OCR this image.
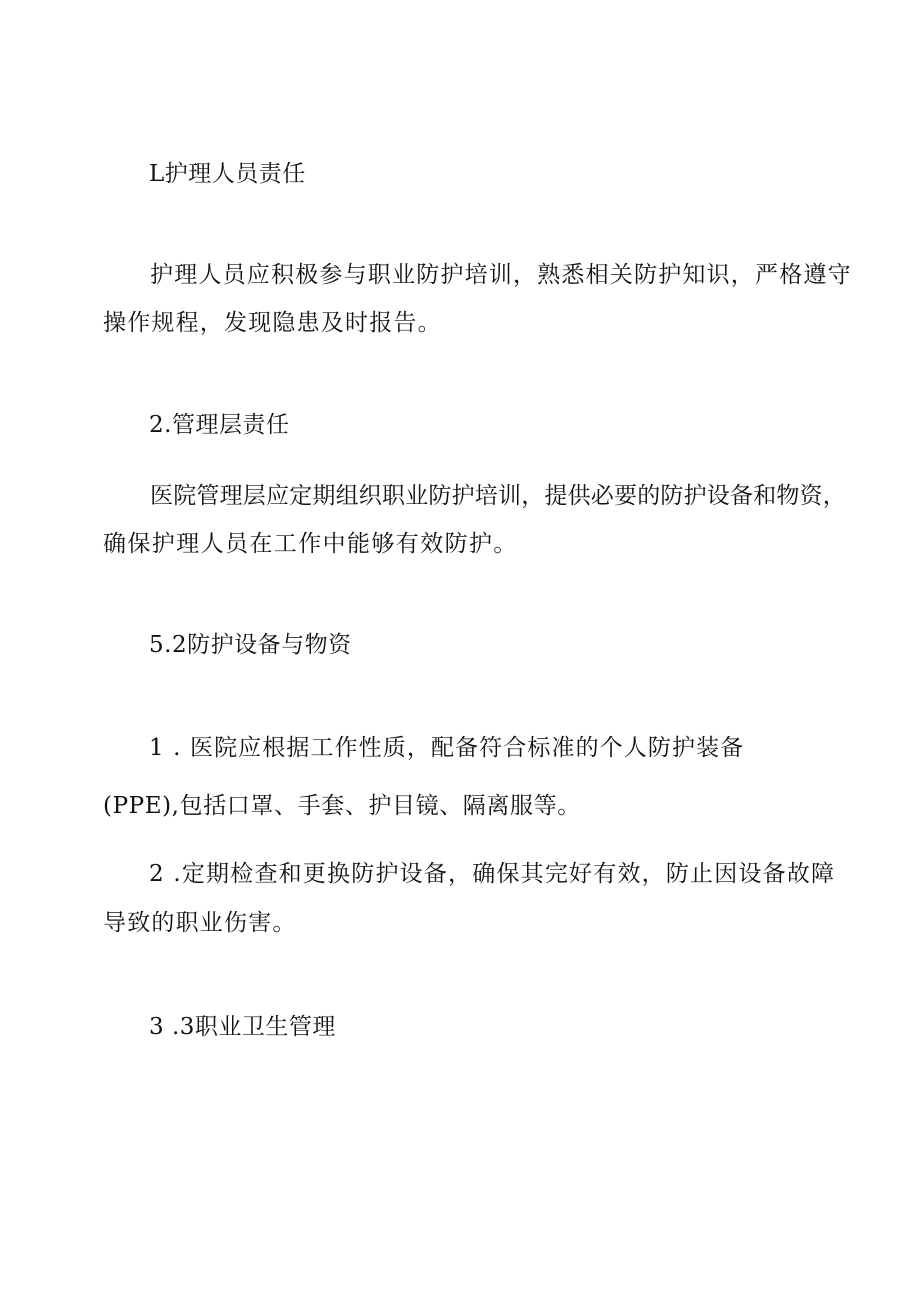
L护理人员责任

护理人员应积极参与职业防护培训，熟悉相关防护知识，严格遵守

操作规程，发现隐患及时报告。

2.管理层责任

医院管理层应定期组织职业防护培训，提供必要的防护设备和物资，

确保护理人员在工作中能够有效防护。

5.2防护设备与物资

1 . 医院应根据工作性质，配备符合标准的个人防护装备

(PPE),包括口罩、手套、护目镜、隔离服等。

2 .定期检查和更换防护设备，确保其完好有效，防止因设备故障

导致的职业伤害。

3 .3职业卫生管理
